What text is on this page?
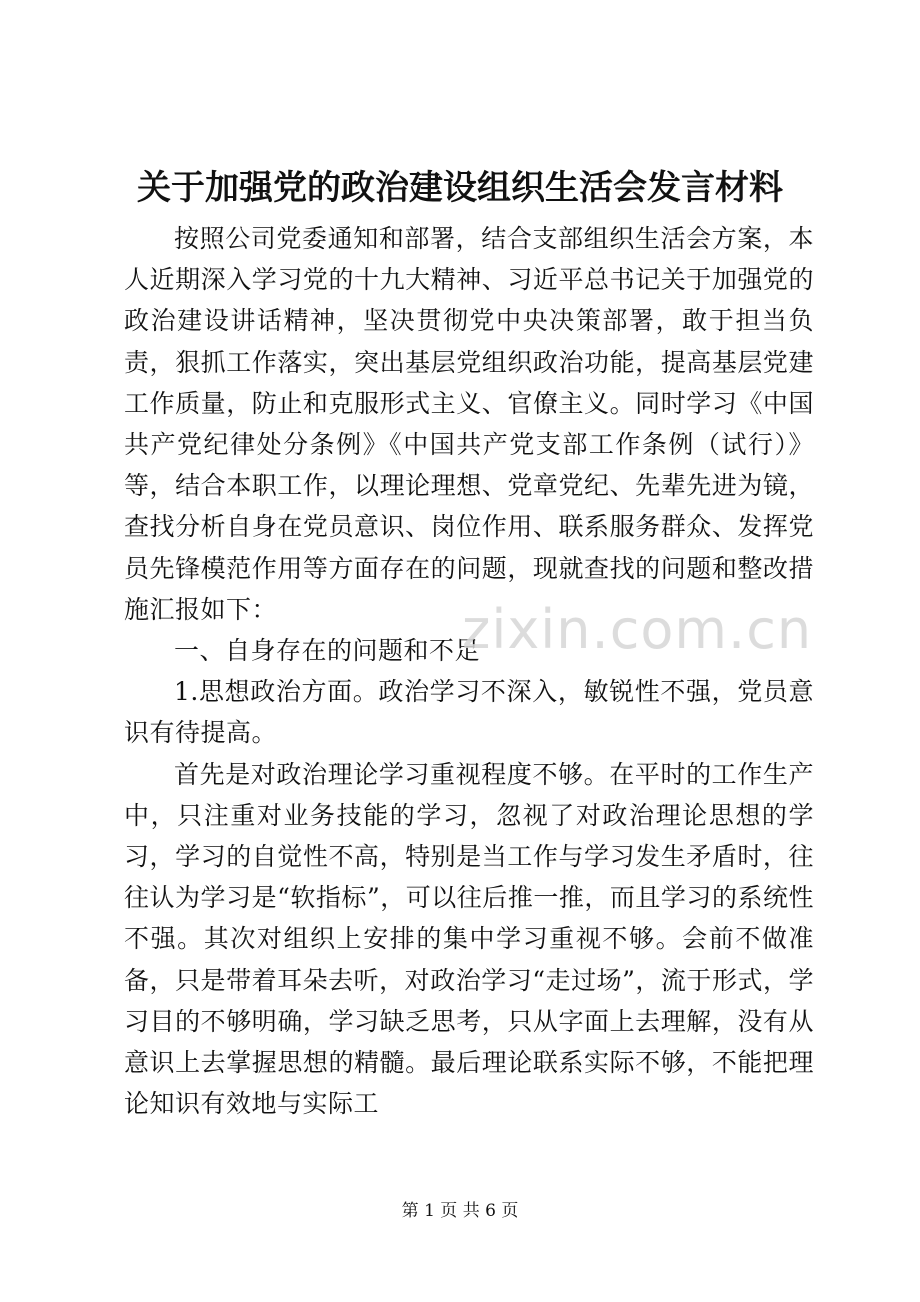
关于加强党的政治建设组织生活会发言材料

按照公司党委通知和部署，结合支部组织生活会方案，本人近期深入学习党的十九大精神、习近平总书记关于加强党的政治建设讲话精神，坚决贯彻党中央决策部署，敢于担当负责，狠抓工作落实，突出基层党组织政治功能，提高基层党建工作质量，防止和克服形式主义、官僚主义。同时学习《中国共产党纪律处分条例》《中国共产党支部工作条例（试行）》等，结合本职工作，以理论理想、党章党纪、先辈先进为镜，查找分析自身在党员意识、岗位作用、联系服务群众、发挥党员先锋模范作用等方面存在的问题，现就查找的问题和整改措施汇报如下：

一、自身存在的问题和不足

1.思想政治方面。政治学习不深入，敏锐性不强，党员意识有待提高。

首先是对政治理论学习重视程度不够。在平时的工作生产中，只注重对业务技能的学习，忽视了对政治理论思想的学习，学习的自觉性不高，特别是当工作与学习发生矛盾时，往往认为学习是“软指标”，可以往后推一推，而且学习的系统性不强。其次对组织上安排的集中学习重视不够。会前不做准备，只是带着耳朵去听，对政治学习“走过场”，流于形式，学习目的不够明确，学习缺乏思考，只从字面上去理解，没有从意识上去掌握思想的精髓。最后理论联系实际不够，不能把理论知识有效地与实际工

zixin.com.cn
第 1 页 共 6 页
